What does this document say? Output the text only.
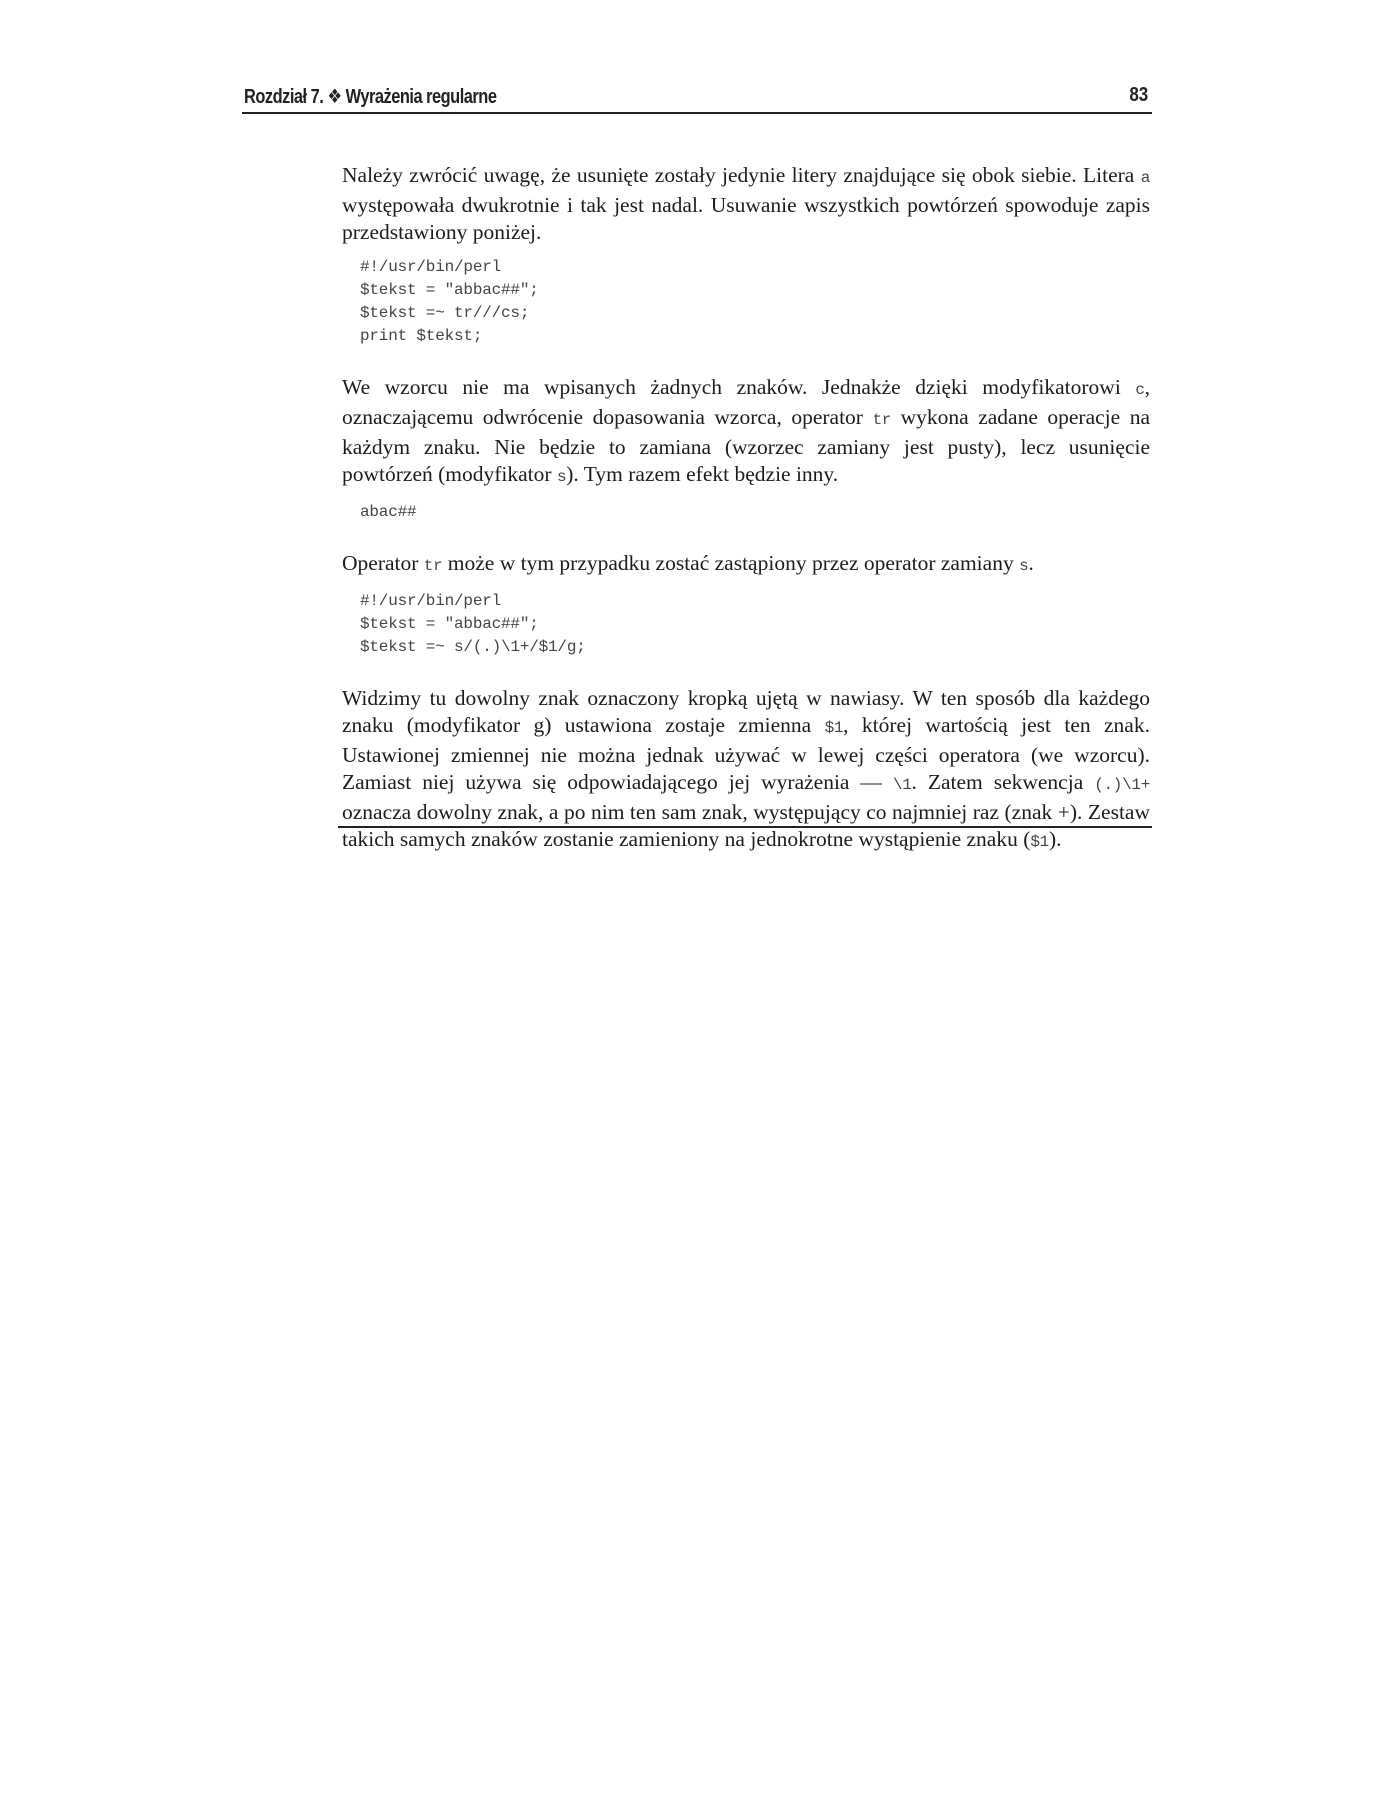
Rozdział 7. ❖ Wyrażenia regularne	83

Należy zwrócić uwagę, że usunięte zostały jedynie litery znajdujące się obok siebie. Litera a występowała dwukrotnie i tak jest nadal. Usuwanie wszystkich powtórzeń spowoduje zapis przedstawiony poniżej.

#!/usr/bin/perl
$tekst = "abbac##";
$tekst =~ tr///cs;
print $tekst;

We wzorcu nie ma wpisanych żadnych znaków. Jednakże dzięki modyfikatorowi c, oznaczającemu odwrócenie dopasowania wzorca, operator tr wykona zadane operacje na każdym znaku. Nie będzie to zamiana (wzorzec zamiany jest pusty), lecz usunięcie powtórzeń (modyfikator s). Tym razem efekt będzie inny.

abac##

Operator tr może w tym przypadku zostać zastąpiony przez operator zamiany s.

#!/usr/bin/perl
$tekst = "abbac##";
$tekst =~ s/(.)\1+/$1/g;

Widzimy tu dowolny znak oznaczony kropką ujętą w nawiasy. W ten sposób dla każdego znaku (modyfikator g) ustawiona zostaje zmienna $1, której wartością jest ten znak. Ustawionej zmiennej nie można jednak używać w lewej części operatora (we wzorcu). Zamiast niej używa się odpowiadającego jej wyrażenia — \1. Zatem sekwencja (.)\1+ oznacza dowolny znak, a po nim ten sam znak, występujący co najmniej raz (znak +). Zestaw takich samych znaków zostanie zamieniony na jednokrotne wystąpienie znaku ($1).
